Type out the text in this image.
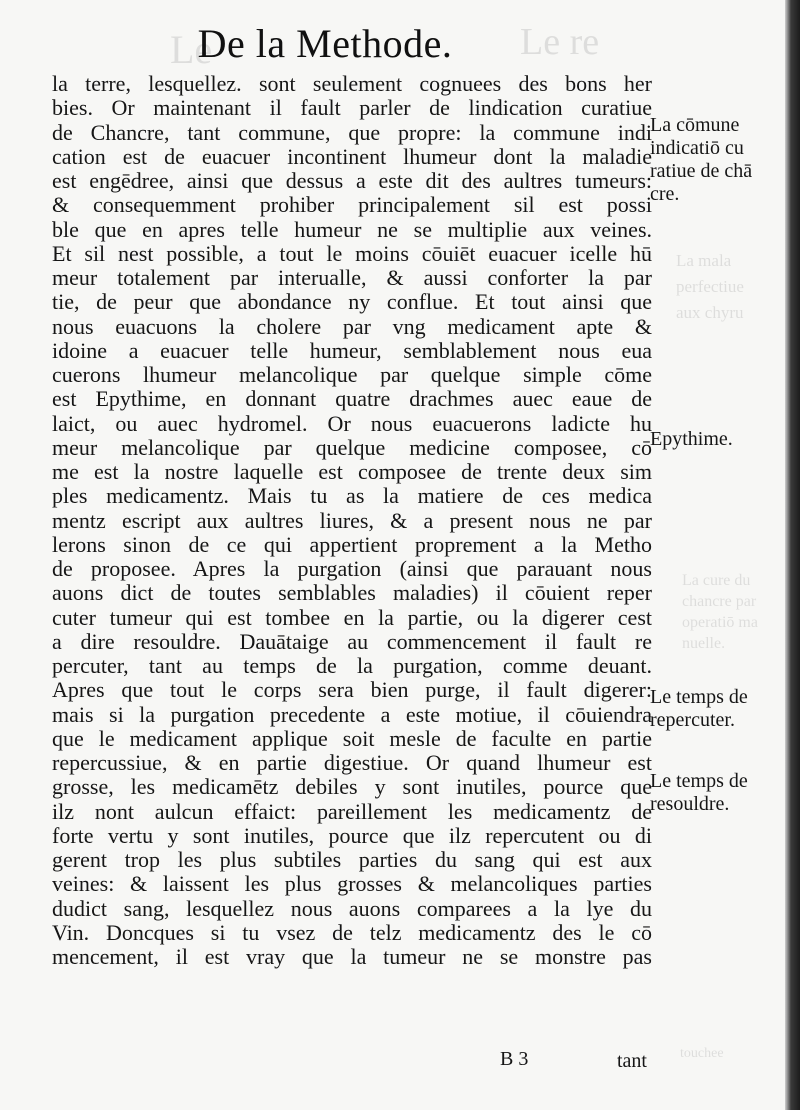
Le	Le re
La mala
perfectiue
aux chyru
La cure du
chancre par
operatiō ma
nuelle.
touchee
De la Methode.
la terre, lesquellez. sont seulement cognuees des bons her
bies. Or maintenant il fault parler de lindication curatiue
de Chancre, tant commune, que propre: la commune indi
cation est de euacuer incontinent lhumeur dont la maladie
est engēdree, ainsi que dessus a este dit des aultres tumeurs:
& consequemment prohiber principalement sil est possi
ble que en apres telle humeur ne se multiplie aux veines.
Et sil nest possible, a tout le moins cōuiēt euacuer icelle hū
meur totalement par interualle, & aussi conforter la par
tie, de peur que abondance ny conflue. Et tout ainsi que
nous euacuons la cholere par vng medicament apte &
idoine a euacuer telle humeur, semblablement nous eua
cuerons lhumeur melancolique par quelque simple cōme
est Epythime, en donnant quatre drachmes auec eaue de
laict, ou auec hydromel. Or nous euacuerons ladicte hu
meur melancolique par quelque medicine composee, cō
me est la nostre laquelle est composee de trente deux sim
ples medicamentz. Mais tu as la matiere de ces medica
mentz escript aux aultres liures, & a present nous ne par
lerons sinon de ce qui appertient proprement a la Metho
de proposee. Apres la purgation (ainsi que parauant nous
auons dict de toutes semblables maladies) il cōuient reper
cuter tumeur qui est tombee en la partie, ou la digerer cest
a dire resouldre. Dauātaige au commencement il fault re
percuter, tant au temps de la purgation, comme deuant.
Apres que tout le corps sera bien purge, il fault digerer:
mais si la purgation precedente a este motiue, il cōuiendra
que le medicament applique soit mesle de faculte en partie
repercussiue, & en partie digestiue. Or quand lhumeur est
grosse, les medicamētz debiles y sont inutiles, pource que
ilz nont aulcun effaict: pareillement les medicamentz de
forte vertu y sont inutiles, pource que ilz repercutent ou di
gerent trop les plus subtiles parties du sang qui est aux
veines: & laissent les plus grosses & melancoliques parties
dudict sang, lesquellez nous auons comparees a la lye du
Vin. Doncques si tu vsez de telz medicamentz des le cō
mencement, il est vray que la tumeur ne se monstre pas
La cōmune
indicatiō cu
ratiue de chā
cre.
Epythime.
Le temps de
repercuter.
Le temps de
resouldre.
B 3	tant
